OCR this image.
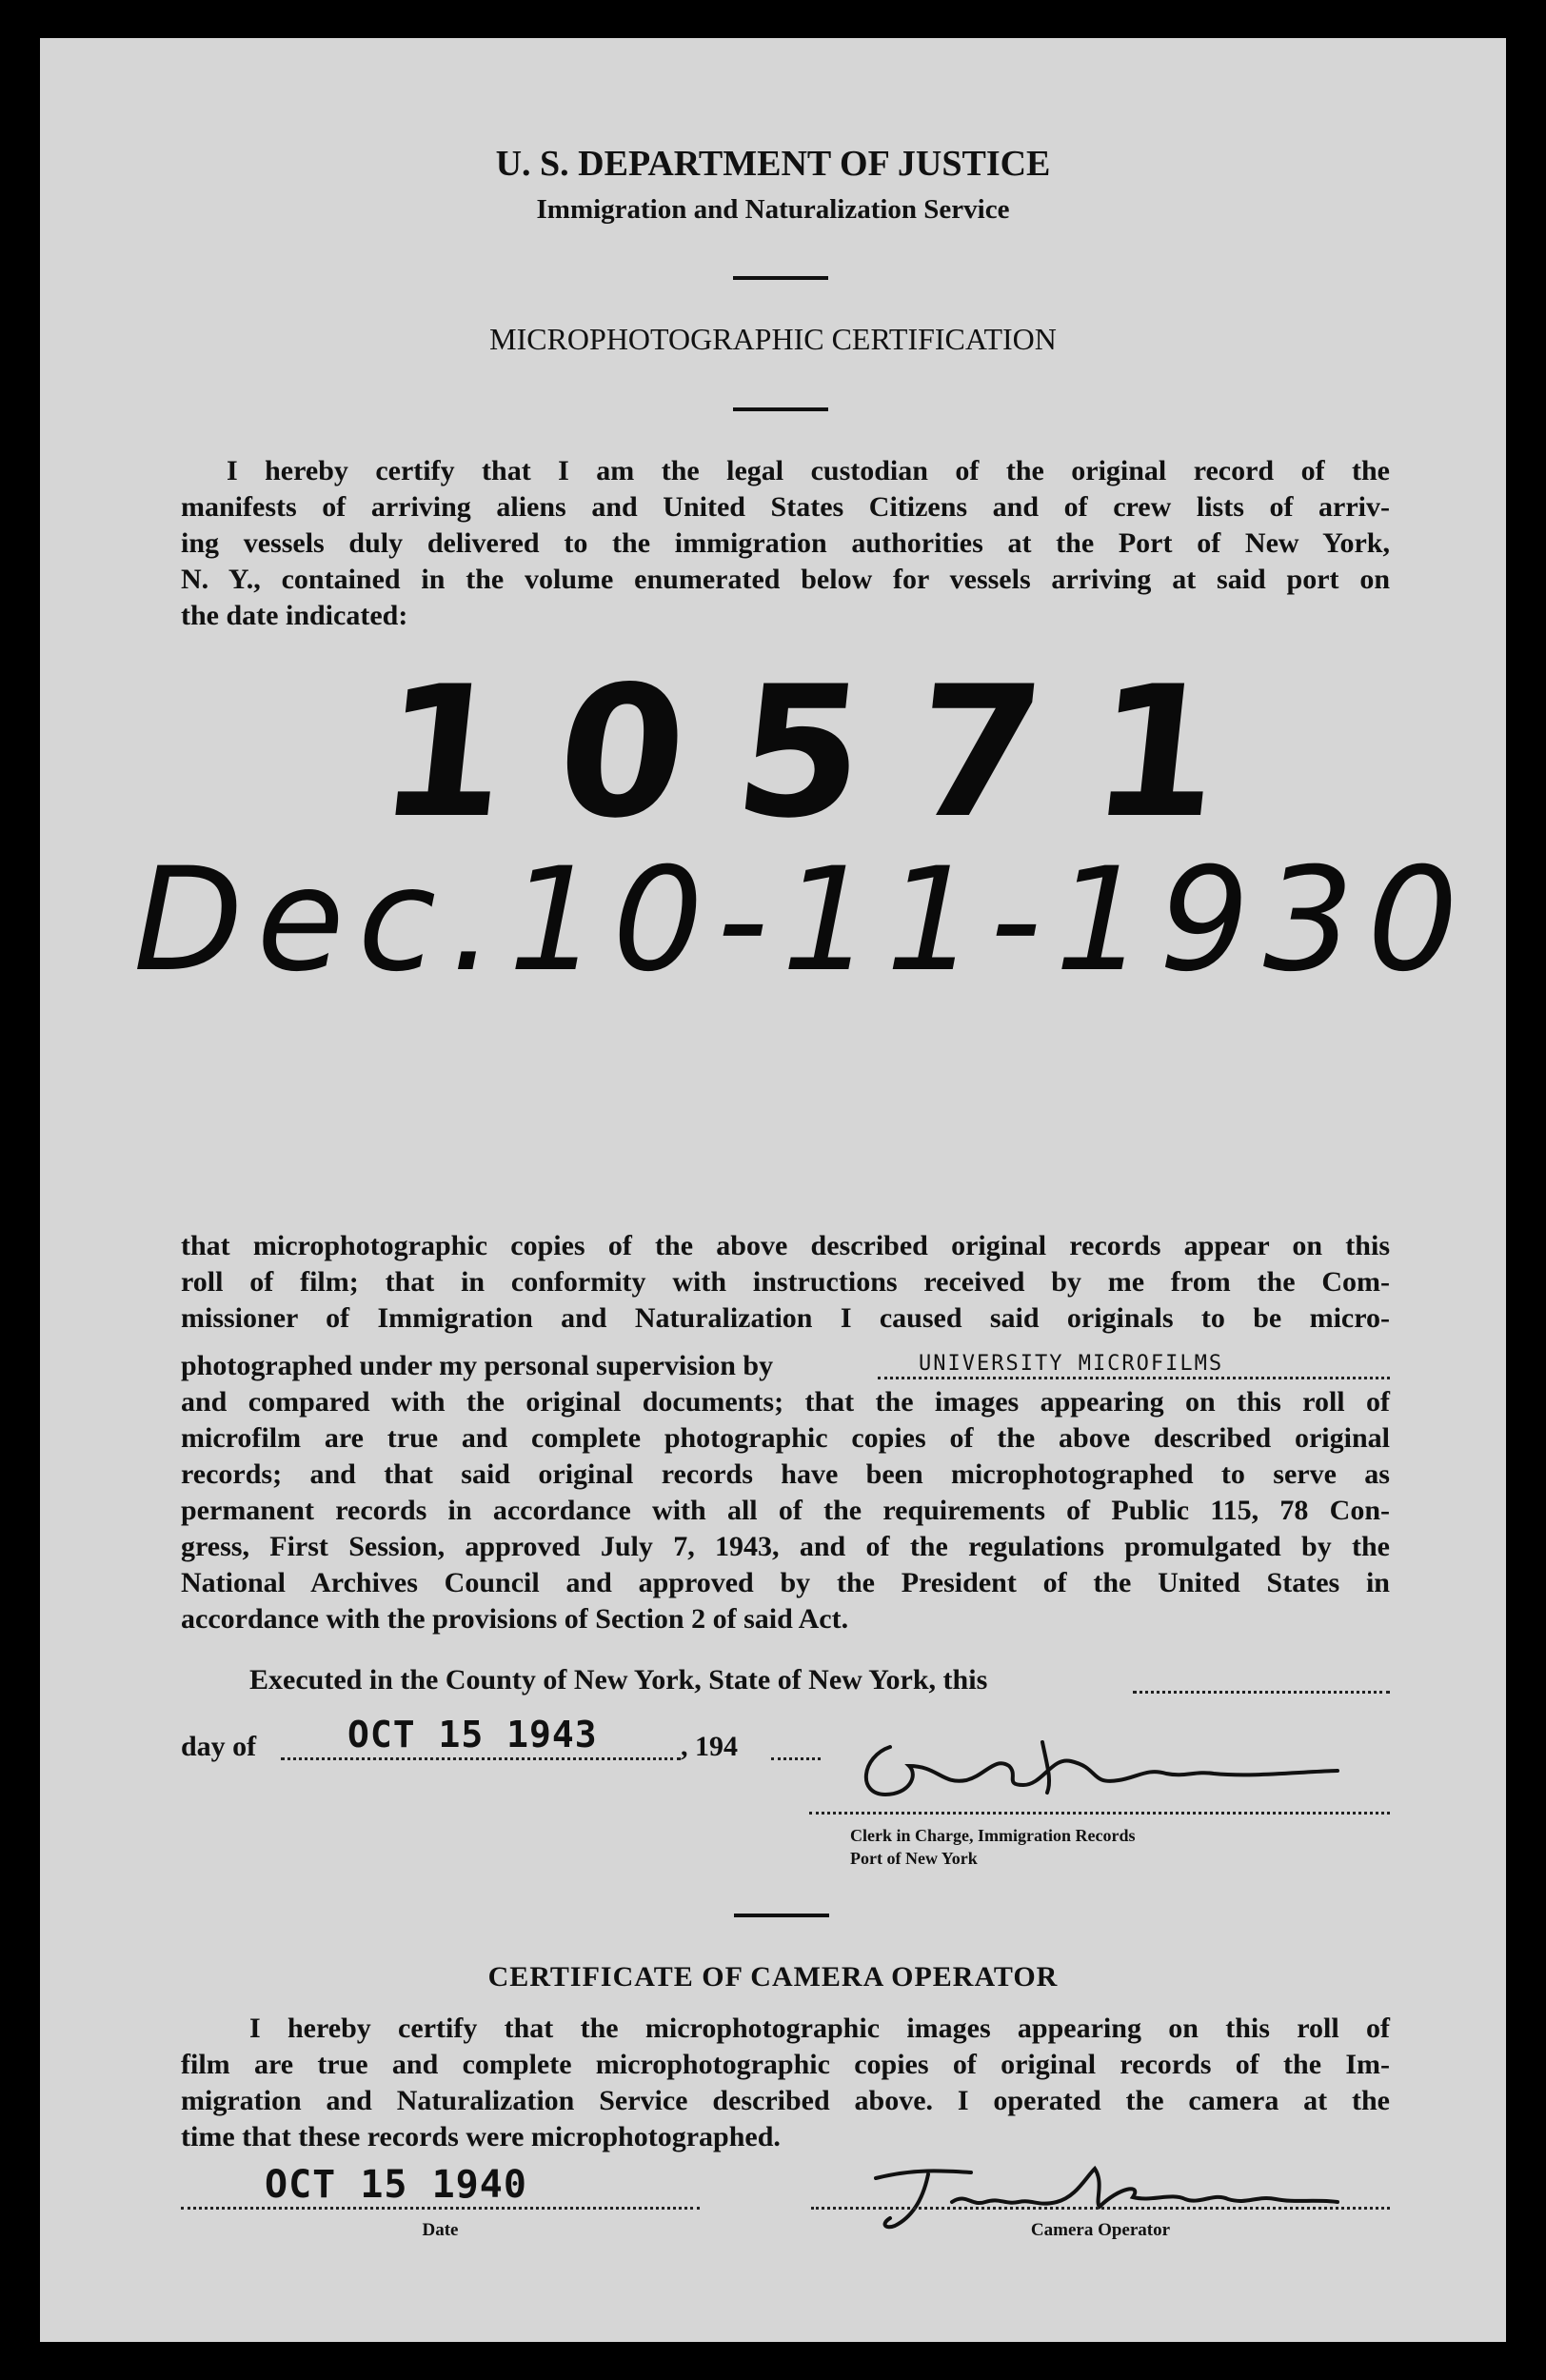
U. S. DEPARTMENT OF JUSTICE
Immigration and Naturalization Service
MICROPHOTOGRAPHIC CERTIFICATION
I hereby certify that I am the legal custodian of the original record of the
manifests of arriving aliens and United States Citizens and of crew lists of arriv-
ing vessels duly delivered to the immigration authorities at the Port of New York,
N. Y., contained in the volume enumerated below for vessels arriving at said port on
the date indicated:
10571
Dec.10-11-1930
that microphotographic copies of the above described original records appear on this
roll of film; that in conformity with instructions received by me from the Com-
missioner of Immigration and Naturalization I caused said originals to be micro-
photographed under my personal supervision by	UNIVERSITY MICROFILMS
and compared with the original documents; that the images appearing on this roll of
microfilm are true and complete photographic copies of the above described original
records; and that said original records have been microphotographed to serve as
permanent records in accordance with all of the requirements of Public 115, 78 Con-
gress, First Session, approved July 7, 1943, and of the regulations promulgated by the
National Archives Council and approved by the President of the United States in
accordance with the provisions of Section 2 of said Act.
Executed in the County of New York, State of New York, this
day of	OCT 15 1943	, 194
Clerk in Charge, Immigration Records
Port of New York
CERTIFICATE OF CAMERA OPERATOR
I hereby certify that the microphotographic images appearing on this roll of
film are true and complete microphotographic copies of original records of the Im-
migration and Naturalization Service described above. I operated the camera at the
time that these records were microphotographed.
OCT 15 1940
Date	Camera Operator
